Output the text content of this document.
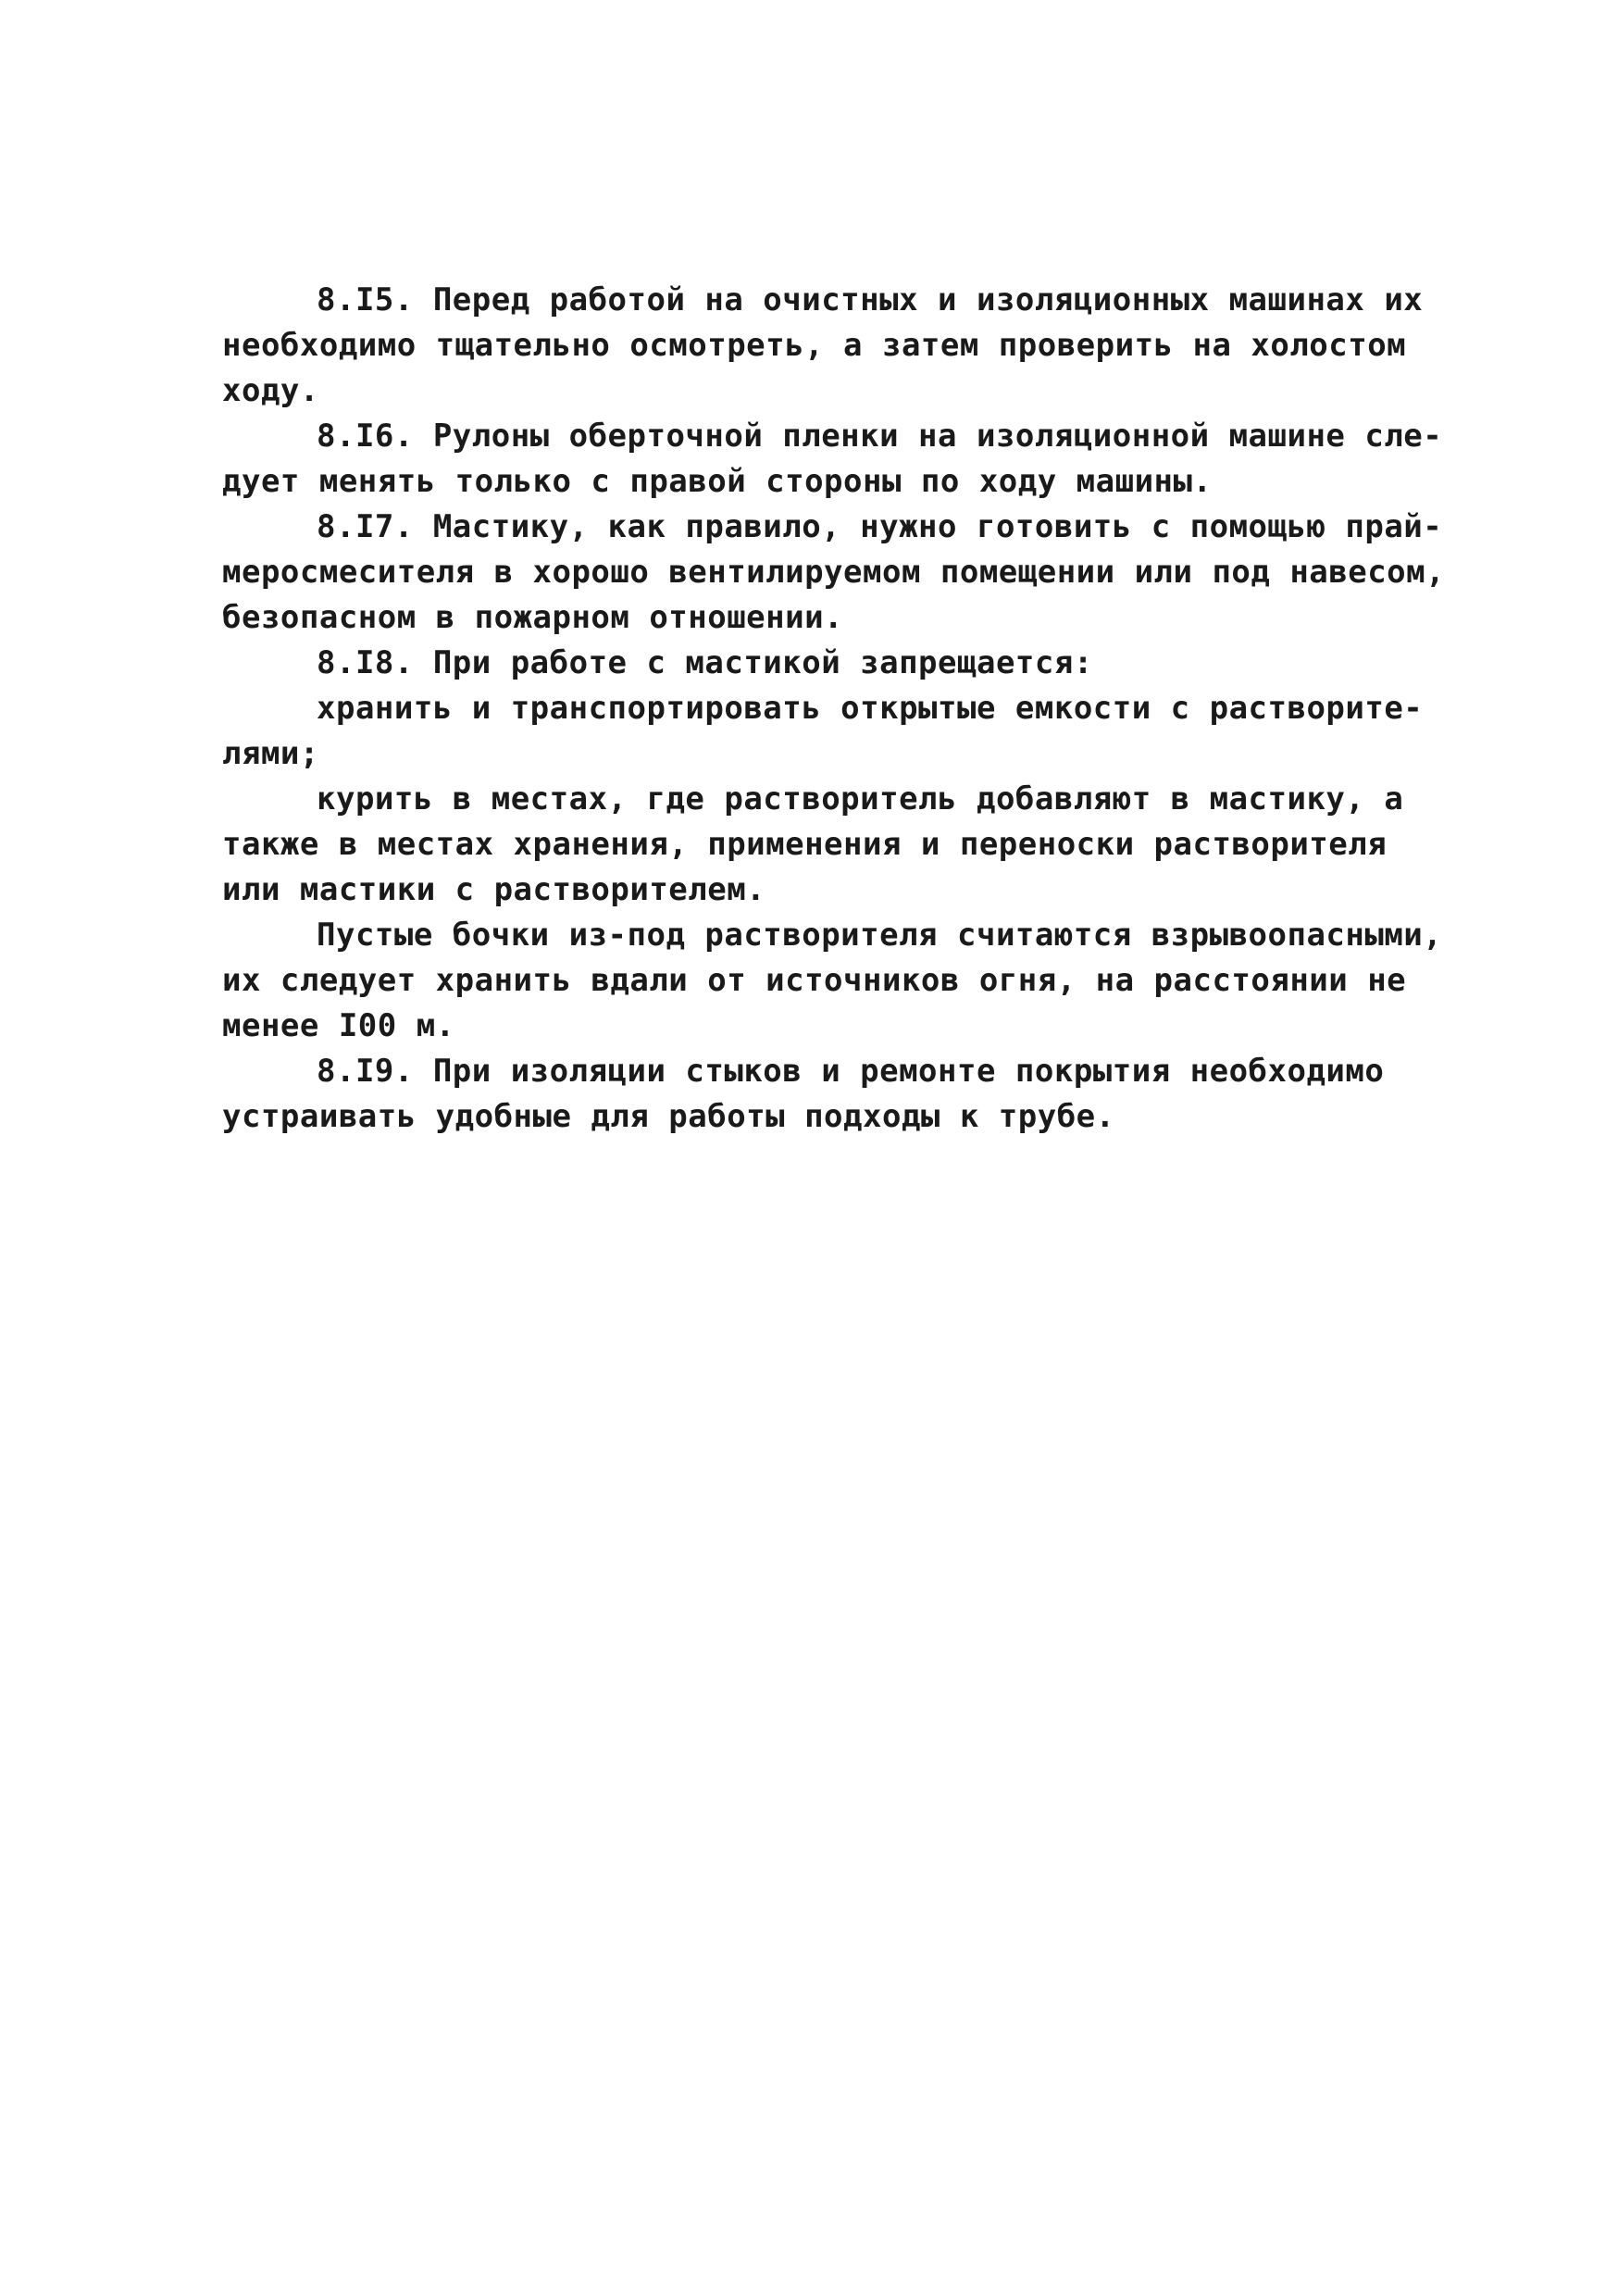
8.I5. Перед работой на очистных и изоляционных машинах их
необходимо тщательно осмотреть, а затем проверить на холостом
ходу.
8.I6. Рулоны оберточной пленки на изоляционной машине сле-
дует менять только с правой стороны по ходу машины.
8.I7. Мастику, как правило, нужно готовить с помощью прай-
мeросмесителя в хорошо вентилируемом помещении или под навесом,
безопасном в пожарном отношении.
8.I8. При работе с мастикой запрещается:
хранить и транспортировать открытые емкости с растворите-
лями;
курить в местах, где растворитель добавляют в мастику, а
также в местах хранения, применения и переноски растворителя
или мастики с растворителем.
Пустые бочки из-под растворителя считаются взрывоопасными,
их следует хранить вдали от источников огня, на расстоянии не
менее I00 м.
8.I9. При изоляции стыков и ремонте покрытия необходимо
устраивать удобные для работы подходы к трубе.
